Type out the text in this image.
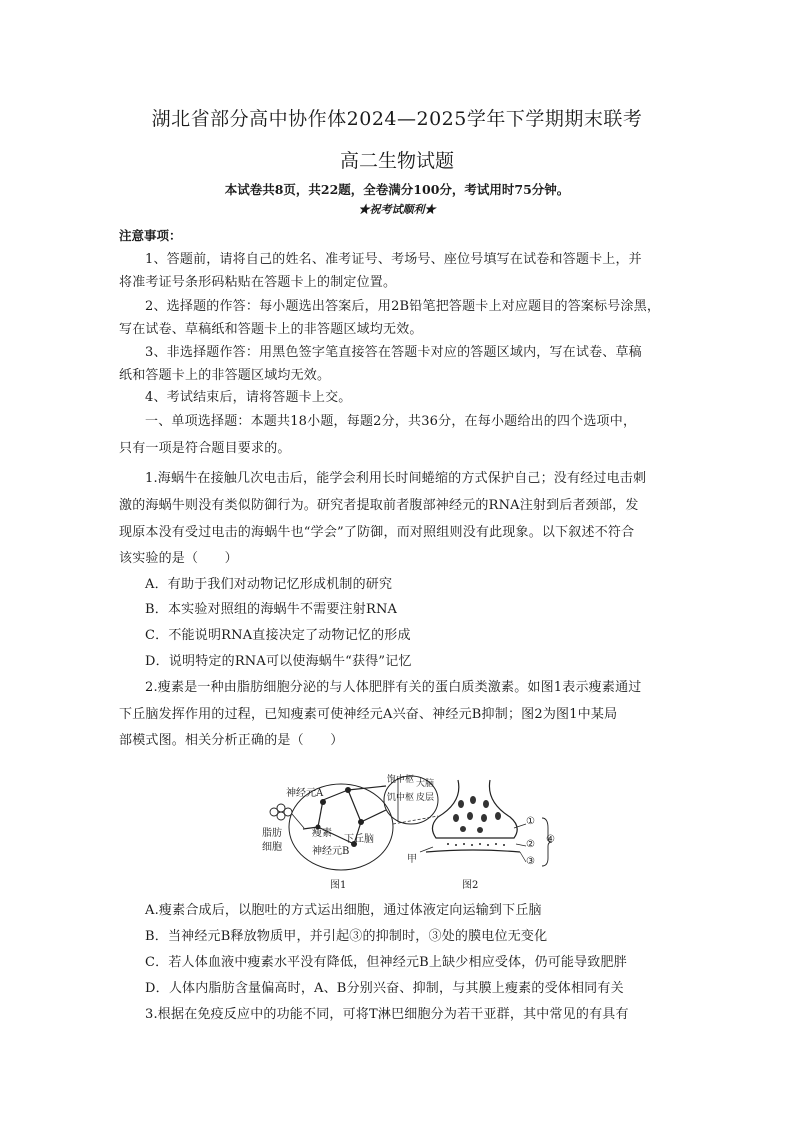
湖北省部分高中协作体2024—2025学年下学期期末联考
高二生物试题
本试卷共8页，共22题，全卷满分100分，考试用时75分钟。
★祝考试顺利★
注意事项：
1、答题前，请将自己的姓名、准考证号、考场号、座位号填写在试卷和答题卡上，并
将准考证号条形码粘贴在答题卡上的制定位置。
2、选择题的作答：每小题选出答案后，用2B铅笔把答题卡上对应题目的答案标号涂黑，
写在试卷、草稿纸和答题卡上的非答题区域均无效。
3、非选择题作答：用黑色签字笔直接答在答题卡对应的答题区域内，写在试卷、草稿
纸和答题卡上的非答题区域均无效。
4、考试结束后，请将答题卡上交。
一、单项选择题：本题共18小题，每题2分，共36分，在每小题给出的四个选项中，
只有一项是符合题目要求的。
1.海蜗牛在接触几次电击后，能学会利用长时间蜷缩的方式保护自己；没有经过电击刺
激的海蜗牛则没有类似防御行为。研究者提取前者腹部神经元的RNA注射到后者颈部，发
现原本没有受过电击的海蜗牛也“学会”了防御，而对照组则没有此现象。以下叙述不符合
该实验的是（　　）
A．有助于我们对动物记忆形成机制的研究
B．本实验对照组的海蜗牛不需要注射RNA
C．不能说明RNA直接决定了动物记忆的形成
D．说明特定的RNA可以使海蜗牛“获得”记忆
2.瘦素是一种由脂肪细胞分泌的与人体肥胖有关的蛋白质类激素。如图1表示瘦素通过
下丘脑发挥作用的过程，已知瘦素可使神经元A兴奋、神经元B抑制；图2为图1中某局
部模式图。相关分析正确的是（　　）
神经元A
瘦素
下丘脑
神经元B
脂肪
细胞
饱中枢
饥中枢
大脑
皮层
甲
①
②
③
④
图1	图2
A.瘦素合成后，以胞吐的方式运出细胞，通过体液定向运输到下丘脑
B．当神经元B释放物质甲，并引起③的抑制时，③处的膜电位无变化
C．若人体血液中瘦素水平没有降低，但神经元B上缺少相应受体，仍可能导致肥胖
D．人体内脂肪含量偏高时，A、B分别兴奋、抑制，与其膜上瘦素的受体相同有关
3.根据在免疫反应中的功能不同，可将T淋巴细胞分为若干亚群，其中常见的有具有
